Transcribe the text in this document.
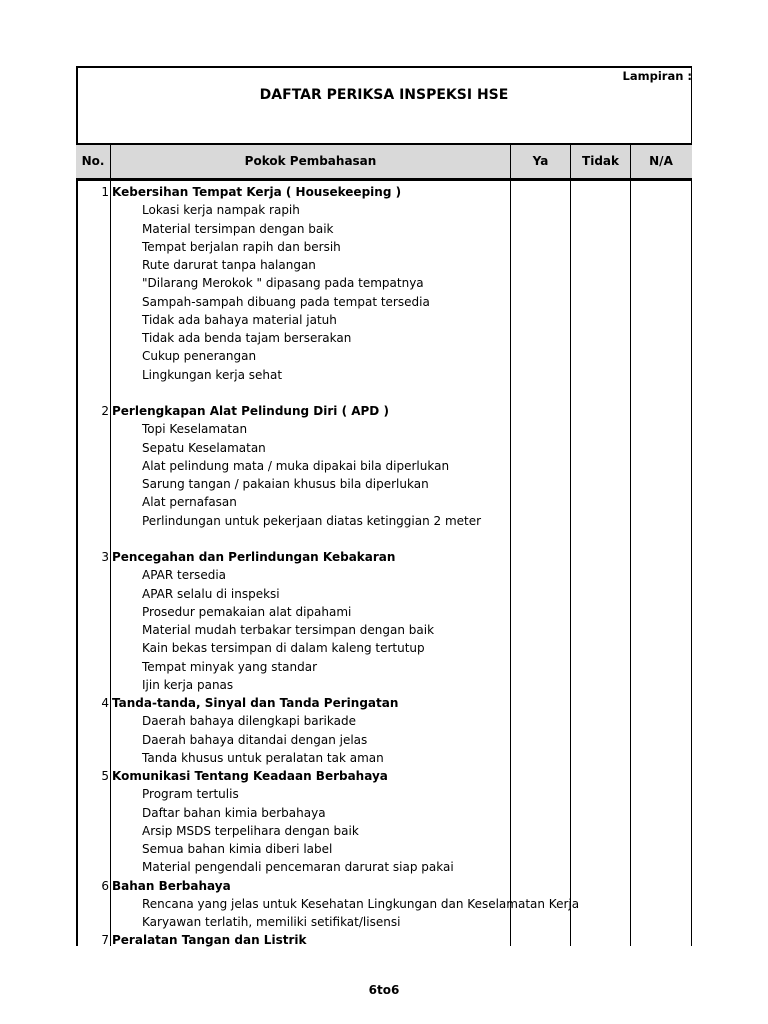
Lampiran :
DAFTAR PERIKSA INSPEKSI HSE
No.	Pokok Pembahasan	Ya	Tidak	N/A
1 Kebersihan Tempat Kerja ( Housekeeping )
Lokasi kerja nampak rapih
Material tersimpan dengan baik
Tempat berjalan rapih dan bersih
Rute darurat tanpa halangan
"Dilarang Merokok " dipasang pada tempatnya
Sampah-sampah dibuang pada tempat tersedia
Tidak ada bahaya material jatuh
Tidak ada benda tajam berserakan
Cukup penerangan
Lingkungan kerja sehat
2 Perlengkapan Alat Pelindung Diri ( APD )
Topi Keselamatan
Sepatu Keselamatan
Alat pelindung mata / muka dipakai bila diperlukan
Sarung tangan / pakaian khusus bila diperlukan
Alat pernafasan
Perlindungan untuk pekerjaan diatas ketinggian 2 meter
3 Pencegahan dan Perlindungan Kebakaran
APAR tersedia
APAR selalu di inspeksi
Prosedur pemakaian alat dipahami
Material mudah terbakar tersimpan dengan baik
Kain bekas tersimpan di dalam kaleng tertutup
Tempat minyak yang standar
Ijin kerja panas
4 Tanda-tanda, Sinyal dan Tanda Peringatan
Daerah bahaya dilengkapi barikade
Daerah bahaya ditandai dengan jelas
Tanda khusus untuk peralatan tak aman
5 Komunikasi Tentang Keadaan Berbahaya
Program tertulis
Daftar bahan kimia berbahaya
Arsip MSDS terpelihara dengan baik
Semua bahan kimia diberi label
Material pengendali pencemaran darurat siap pakai
6 Bahan Berbahaya
Rencana yang jelas untuk Kesehatan Lingkungan dan Keselamatan Kerja
Karyawan terlatih, memiliki setifikat/lisensi
7 Peralatan Tangan dan Listrik
6to6
